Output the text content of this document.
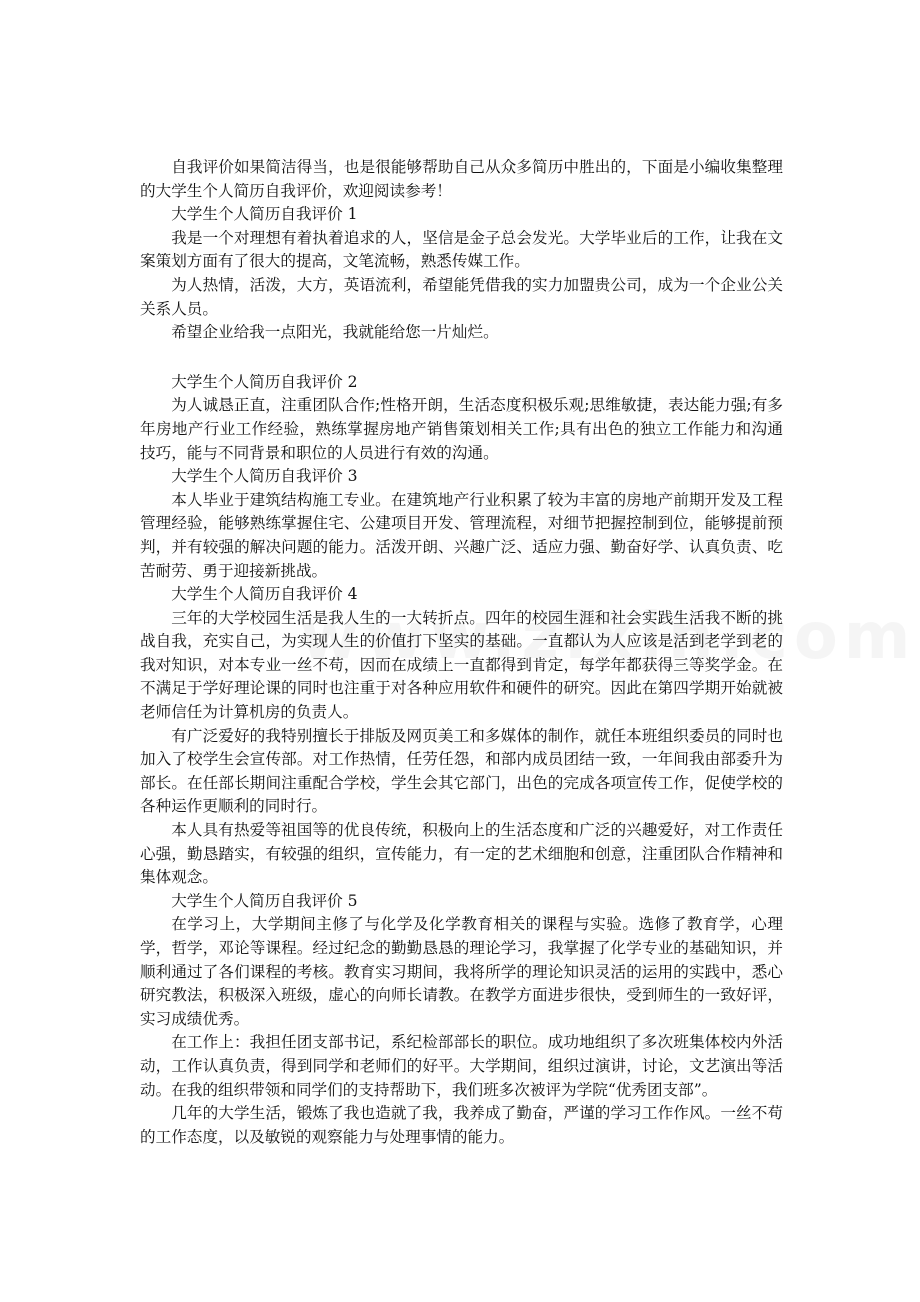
自我评价如果简洁得当，也是很能够帮助自己从众多简历中胜出的，下面是小编收集整理的大学生个人简历自我评价，欢迎阅读参考！

大学生个人简历自我评价 1

我是一个对理想有着执着追求的人，坚信是金子总会发光。大学毕业后的工作，让我在文案策划方面有了很大的提高，文笔流畅，熟悉传媒工作。

为人热情，活泼，大方，英语流利，希望能凭借我的实力加盟贵公司，成为一个企业公关关系人员。

希望企业给我一点阳光，我就能给您一片灿烂。

大学生个人简历自我评价 2

为人诚恳正直，注重团队合作;性格开朗，生活态度积极乐观;思维敏捷，表达能力强;有多年房地产行业工作经验，熟练掌握房地产销售策划相关工作;具有出色的独立工作能力和沟通技巧，能与不同背景和职位的人员进行有效的沟通。

大学生个人简历自我评价 3

本人毕业于建筑结构施工专业。在建筑地产行业积累了较为丰富的房地产前期开发及工程管理经验，能够熟练掌握住宅、公建项目开发、管理流程，对细节把握控制到位，能够提前预判，并有较强的解决问题的能力。活泼开朗、兴趣广泛、适应力强、勤奋好学、认真负责、吃苦耐劳、勇于迎接新挑战。

大学生个人简历自我评价 4

三年的大学校园生活是我人生的一大转折点。四年的校园生涯和社会实践生活我不断的挑战自我，充实自己，为实现人生的价值打下坚实的基础。一直都认为人应该是活到老学到老的我对知识，对本专业一丝不苟，因而在成绩上一直都得到肯定，每学年都获得三等奖学金。在不满足于学好理论课的同时也注重于对各种应用软件和硬件的研究。因此在第四学期开始就被老师信任为计算机房的负责人。

有广泛爱好的我特别擅长于排版及网页美工和多媒体的制作，就任本班组织委员的同时也加入了校学生会宣传部。对工作热情，任劳任怨，和部内成员团结一致，一年间我由部委升为部长。在任部长期间注重配合学校，学生会其它部门，出色的完成各项宣传工作，促使学校的各种运作更顺利的同时行。

本人具有热爱等祖国等的优良传统，积极向上的生活态度和广泛的兴趣爱好，对工作责任心强，勤恳踏实，有较强的组织，宣传能力，有一定的艺术细胞和创意，注重团队合作精神和集体观念。

大学生个人简历自我评价 5

在学习上，大学期间主修了与化学及化学教育相关的课程与实验。选修了教育学，心理学，哲学，邓论等课程。经过纪念的勤勤恳恳的理论学习，我掌握了化学专业的基础知识，并顺利通过了各们课程的考核。教育实习期间，我将所学的理论知识灵活的运用的实践中，悉心研究教法，积极深入班级，虚心的向师长请教。在教学方面进步很快，受到师生的一致好评，实习成绩优秀。

在工作上：我担任团支部书记，系纪检部部长的职位。成功地组织了多次班集体校内外活动，工作认真负责，得到同学和老师们的好平。大学期间，组织过演讲，讨论，文艺演出等活动。在我的组织带领和同学们的支持帮助下，我们班多次被评为学院“优秀团支部”。

几年的大学生活，锻炼了我也造就了我，我养成了勤奋，严谨的学习工作作风。一丝不苟的工作态度，以及敏锐的观察能力与处理事情的能力。
